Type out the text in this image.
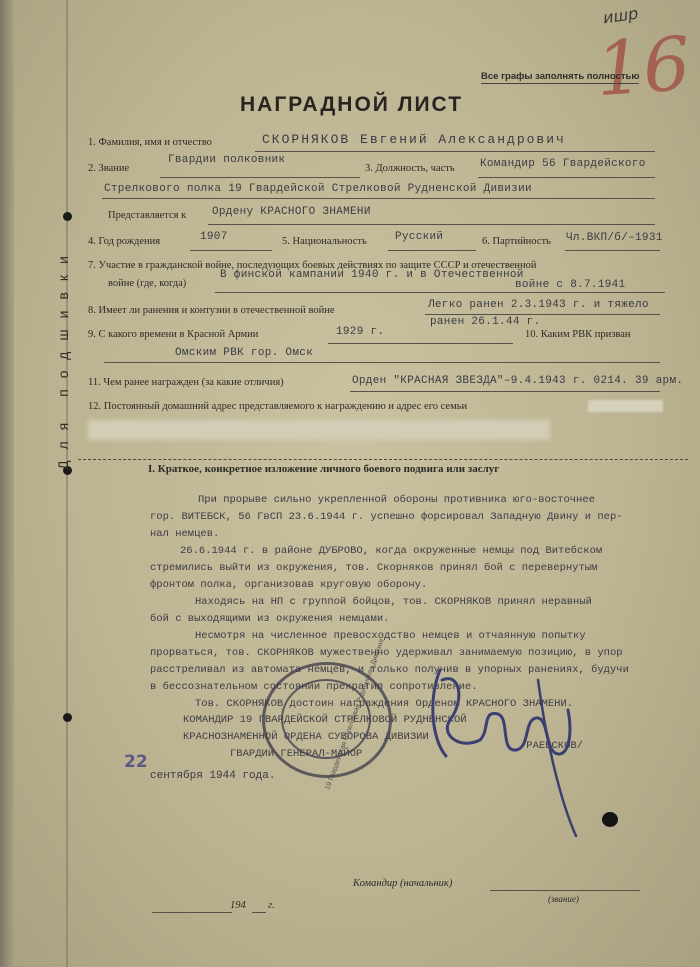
Для подшивки
ишр
16
Все графы заполнять полностью
НАГРАДНОЙ ЛИСТ
1. Фамилия, имя и отчество	СКОРНЯКОВ Евгений Александрович
2. Звание
Гвардии полковник
3. Должность, часть Командир 56 Гвардейского
Стрелкового полка 19 Гвардейской Стрелковой Рудненской Дивизии
Представляется к Ордену КРАСНОГО ЗНАМЕНИ
4. Год рождения	1907	5. Национальность	Русский	6. Партийность Чл.ВКП/б/–1931
7. Участие в гражданской войне, последующих боевых действиях по защите СССР и отечественной
войне (где, когда)
В финской кампании 1940 г. и в Отечественной
войне с 8.7.1941
8. Имеет ли ранения и контузии в отечественной войне	Легко ранен 2.3.1943 г. и тяжело
ранен 26.1.44 г.
9. С какого времени в Красной Армии	1929 г.	10. Каким РВК призван
Омским РВК гор. Омск
11. Чем ранее награжден (за какие отличия)	Орден "КРАСНАЯ ЗВЕЗДА"–9.4.1943 г. 0214. 39 арм.
12. Постоянный домашний адрес представляемого к награждению и адрес его семьи
I. Краткое, конкретное изложение личного боевого подвига или заслуг
При прорыве сильно укрепленной обороны противника юго-восточнее
гор. ВИТЕБСК, 56 ГвСП 23.6.1944 г. успешно форсировал Западную Двину и пер-
нал немцев.
26.6.1944 г. в районе ДУБРОВО, когда окруженные немцы под Витебском
стремились выйти из окружения, тов. Скорняков принял бой с перевернутым
фронтом полка, организовав круговую оборону.
Находясь на НП с группой бойцов, тов. СКОРНЯКОВ принял неравный
бой с выходящими из окружения немцами.
Несмотря на численное превосходство немцев и отчаянную попытку
прорваться, тов. СКОРНЯКОВ мужественно удерживал занимаемую позицию, в упор
расстреливал из автомата немцев, и только получив в упорных ранениях, будучи
в бессознательном состоянии прекратил сопротивление.
Тов. СКОРНЯКОВ достоин награждения Орденом КРАСНОГО ЗНАМЕНИ.
КОМАНДИР 19 ГВАРДЕЙСКОЙ СТРЕЛКОВОЙ РУДНЕНСКОЙ
КРАСНОЗНАМЕННОЙ ОРДЕНА СУВОРОВА ДИВИЗИИ
ГВАРДИИ ГЕНЕРАЛ-МАЙОР
/РАЕВСКОВ/
19 Гвардейская Стрелковая Рудненская Дивизия
22
сентября 1944 года.
Командир (начальник)
(звание)
194 г.
